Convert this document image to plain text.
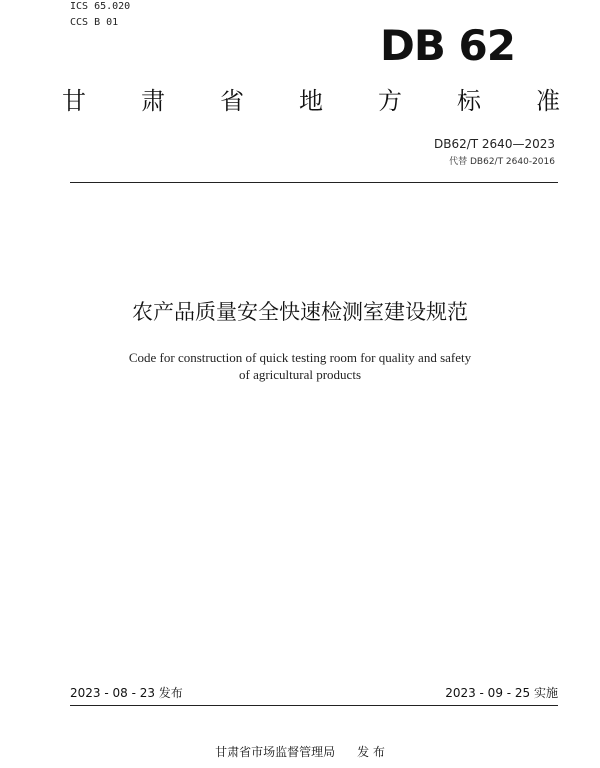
ICS 65.020
CCS B 01	DB 62
甘 肃 省 地 方 标 准
DB62/T 2640—2023
代替 DB62/T 2640-2016
农产品质量安全快速检测室建设规范
Code for construction of quick testing room for quality and safety
of agricultural products
2023 - 08 - 23 发布	2023 - 09 - 25 实施
甘肃省市场监督管理局 发 布
